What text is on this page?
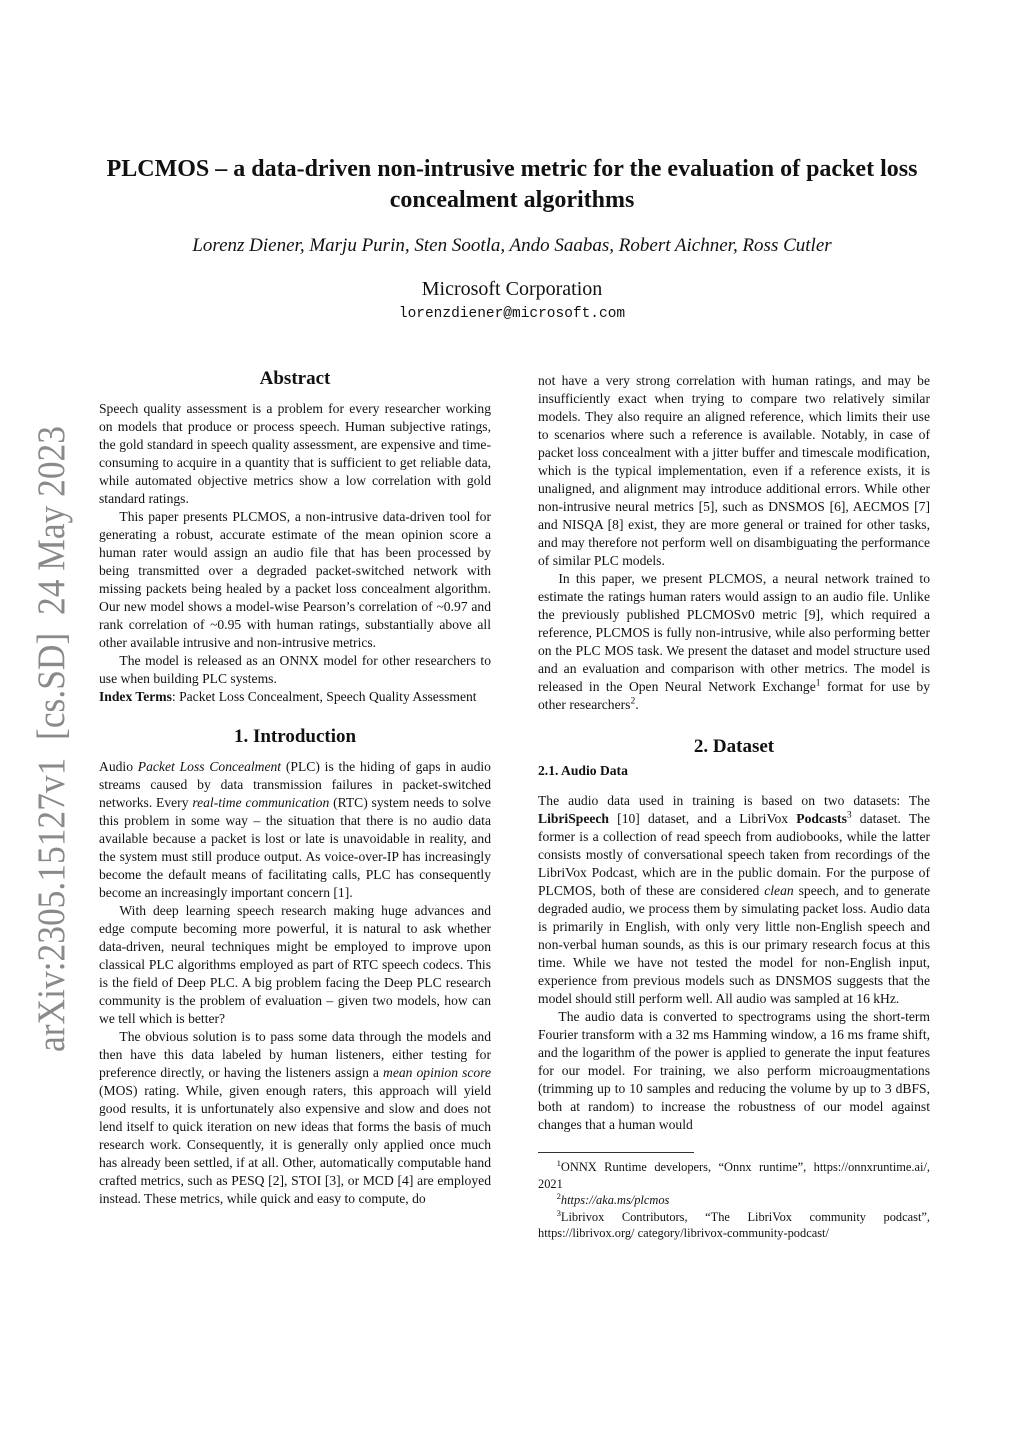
arXiv:2305.15127v1  [cs.SD]  24 May 2023
PLCMOS – a data-driven non-intrusive metric for the evaluation of packet loss concealment algorithms
Lorenz Diener, Marju Purin, Sten Sootla, Ando Saabas, Robert Aichner, Ross Cutler
Microsoft Corporation
lorenzdiener@microsoft.com
Abstract

Speech quality assessment is a problem for every researcher working on models that produce or process speech. Human subjective ratings, the gold standard in speech quality assessment, are expensive and time-consuming to acquire in a quantity that is sufficient to get reliable data, while automated objective metrics show a low correlation with gold standard ratings.

This paper presents PLCMOS, a non-intrusive data-driven tool for generating a robust, accurate estimate of the mean opinion score a human rater would assign an audio file that has been processed by being transmitted over a degraded packet-switched network with missing packets being healed by a packet loss concealment algorithm. Our new model shows a model-wise Pearson’s correlation of ~0.97 and rank correlation of ~0.95 with human ratings, substantially above all other available intrusive and non-intrusive metrics.

The model is released as an ONNX model for other researchers to use when building PLC systems.

Index Terms: Packet Loss Concealment, Speech Quality Assessment

1. Introduction

Audio Packet Loss Concealment (PLC) is the hiding of gaps in audio streams caused by data transmission failures in packet-switched networks. Every real-time communication (RTC) system needs to solve this problem in some way – the situation that there is no audio data available because a packet is lost or late is unavoidable in reality, and the system must still produce output. As voice-over-IP has increasingly become the default means of facilitating calls, PLC has consequently become an increasingly important concern [1].

With deep learning speech research making huge advances and edge compute becoming more powerful, it is natural to ask whether data-driven, neural techniques might be employed to improve upon classical PLC algorithms employed as part of RTC speech codecs. This is the field of Deep PLC. A big problem facing the Deep PLC research community is the problem of evaluation – given two models, how can we tell which is better?

The obvious solution is to pass some data through the models and then have this data labeled by human listeners, either testing for preference directly, or having the listeners assign a mean opinion score (MOS) rating. While, given enough raters, this approach will yield good results, it is unfortunately also expensive and slow and does not lend itself to quick iteration on new ideas that forms the basis of much research work. Consequently, it is generally only applied once much has already been settled, if at all. Other, automatically computable hand crafted metrics, such as PESQ [2], STOI [3], or MCD [4] are employed instead. These metrics, while quick and easy to compute, do

not have a very strong correlation with human ratings, and may be insufficiently exact when trying to compare two relatively similar models. They also require an aligned reference, which limits their use to scenarios where such a reference is available. Notably, in case of packet loss concealment with a jitter buffer and timescale modification, which is the typical implementation, even if a reference exists, it is unaligned, and alignment may introduce additional errors. While other non-intrusive neural metrics [5], such as DNSMOS [6], AECMOS [7] and NISQA [8] exist, they are more general or trained for other tasks, and may therefore not perform well on disambiguating the performance of similar PLC models.

In this paper, we present PLCMOS, a neural network trained to estimate the ratings human raters would assign to an audio file. Unlike the previously published PLCMOSv0 metric [9], which required a reference, PLCMOS is fully non-intrusive, while also performing better on the PLC MOS task. We present the dataset and model structure used and an evaluation and comparison with other metrics. The model is released in the Open Neural Network Exchange$^1$ format for use by other researchers$^2$.

2. Dataset
2.1. Audio Data

The audio data used in training is based on two datasets: The LibriSpeech [10] dataset, and a LibriVox Podcasts$^3$ dataset. The former is a collection of read speech from audiobooks, while the latter consists mostly of conversational speech taken from recordings of the LibriVox Podcast, which are in the public domain. For the purpose of PLCMOS, both of these are considered clean speech, and to generate degraded audio, we process them by simulating packet loss. Audio data is primarily in English, with only very little non-English speech and non-verbal human sounds, as this is our primary research focus at this time. While we have not tested the model for non-English input, experience from previous models such as DNSMOS suggests that the model should still perform well. All audio was sampled at 16 kHz.

The audio data is converted to spectrograms using the short-term Fourier transform with a 32 ms Hamming window, a 16 ms frame shift, and the logarithm of the power is applied to generate the input features for our model. For training, we also perform microaugmentations (trimming up to 10 samples and reducing the volume by up to 3 dBFS, both at random) to increase the robustness of our model against changes that a human would

$^1$ONNX Runtime developers, “Onnx runtime”, https://onnxruntime.ai/, 2021

$^2$https://aka.ms/plcmos

$^3$Librivox Contributors, “The LibriVox community podcast”, https://librivox.org/ category/librivox-community-podcast/
